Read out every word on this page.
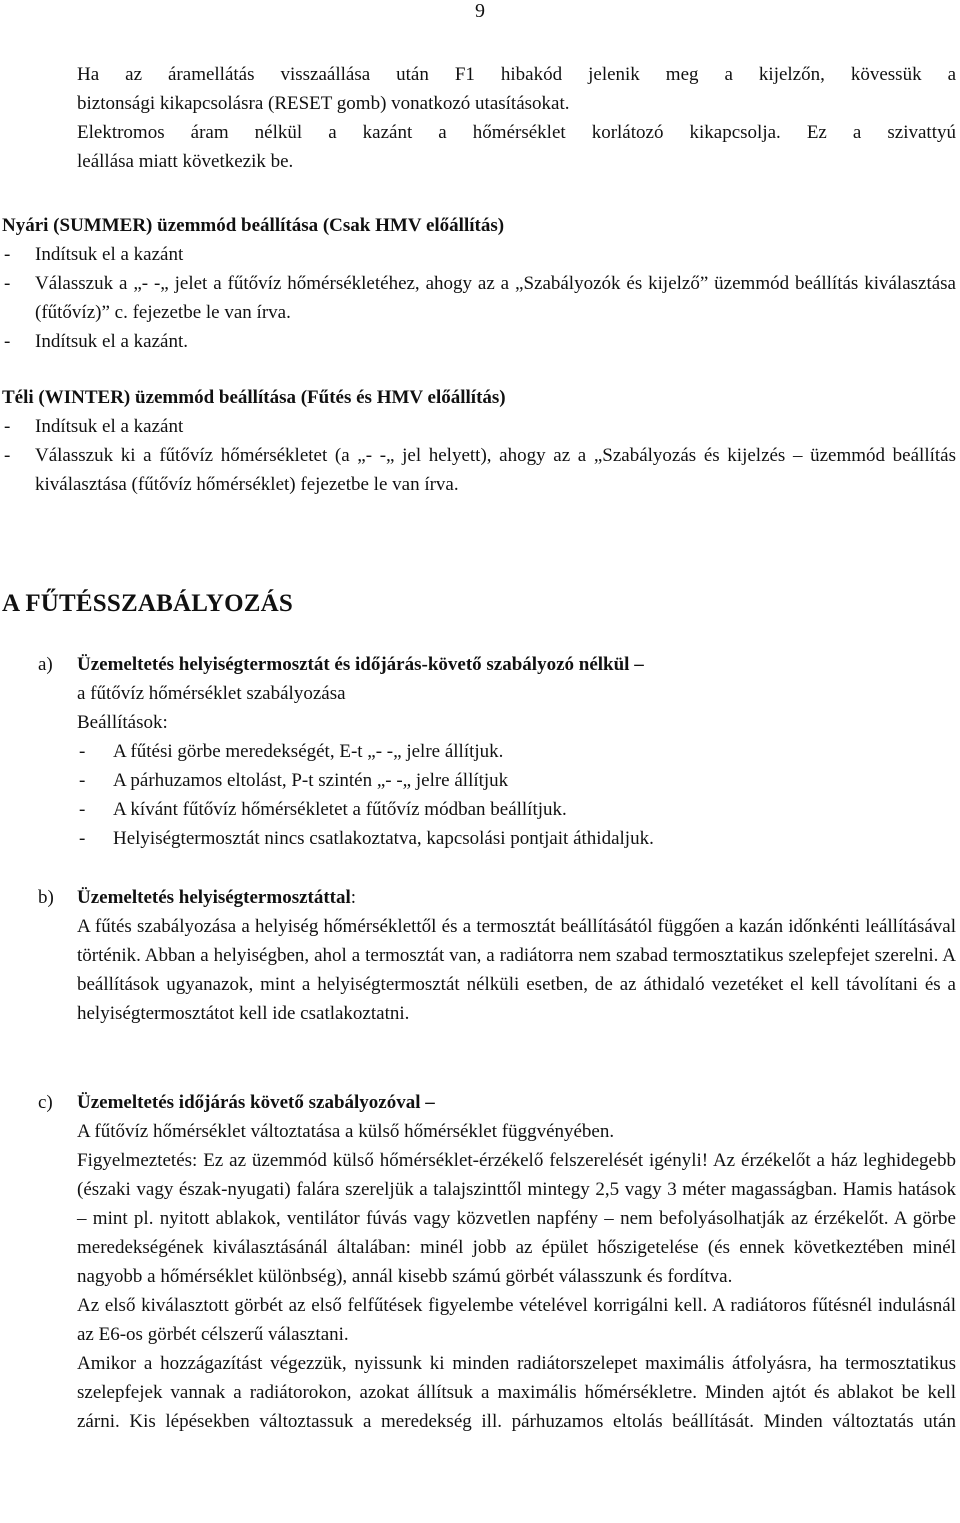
9

Ha az áramellátás visszaállása után F1 hibakód jelenik meg a kijelzőn, kövessük a

biztonsági kikapcsolásra (RESET gomb) vonatkozó utasításokat.

Elektromos áram nélkül a kazánt a hőmérséklet korlátozó kikapcsolja. Ez a szivattyú

leállása miatt következik be.

Nyári (SUMMER) üzemmód beállítása (Csak HMV előállítás)

- Indítsuk el a kazánt
- Válasszuk a „- -„ jelet a fűtővíz hőmérsékletéhez, ahogy az a „Szabályozók és kijelző” üzemmód beállítás kiválasztása (fűtővíz)” c. fejezetbe le van írva.
- Indítsuk el a kazánt.

Téli (WINTER) üzemmód beállítása (Fűtés és HMV előállítás)

- Indítsuk el a kazánt
- Válasszuk ki a fűtővíz hőmérsékletet (a „- -„ jel helyett), ahogy az a „Szabályozás és kijelzés – üzemmód beállítás kiválasztása (fűtővíz hőmérséklet) fejezetbe le van írva.
A FŰTÉSSZABÁLYOZÁS
a) Üzemeltetés helyiségtermosztát és időjárás-követő szabályozó nélkül –

a fűtővíz hőmérséklet szabályozása

Beállítások:

- A fűtési görbe meredekségét, E-t „- -„ jelre állítjuk.
- A párhuzamos eltolást, P-t szintén „- -„ jelre állítjuk
- A kívánt fűtővíz hőmérsékletet a fűtővíz módban beállítjuk.
- Helyiségtermosztát nincs csatlakoztatva, kapcsolási pontjait áthidaljuk.
b) Üzemeltetés helyiségtermosztáttal:

A fűtés szabályozása a helyiség hőmérséklettől és a termosztát beállításától függően a kazán időnkénti leállításával történik. Abban a helyiségben, ahol a termosztát van, a radiátorra nem szabad termosztatikus szelepfejet szerelni. A beállítások ugyanazok, mint a helyiségtermosztát nélküli esetben, de az áthidaló vezetéket el kell távolítani és a helyiségtermosztátot kell ide csatlakoztatni.

c) Üzemeltetés időjárás követő szabályozóval –

A fűtővíz hőmérséklet változtatása a külső hőmérséklet függvényében.

Figyelmeztetés: Ez az üzemmód külső hőmérséklet-érzékelő felszerelését igényli! Az érzékelőt a ház leghidegebb (északi vagy észak-nyugati) falára szereljük a talajszinttől mintegy 2,5 vagy 3 méter magasságban. Hamis hatások – mint pl. nyitott ablakok, ventilátor fúvás vagy közvetlen napfény – nem befolyásolhatják az érzékelőt. A görbe meredekségének kiválasztásánál általában: minél jobb az épület hőszigetelése (és ennek következtében minél nagyobb a hőmérséklet különbség), annál kisebb számú görbét válasszunk és fordítva.

Az első kiválasztott görbét az első felfűtések figyelembe vételével korrigálni kell. A radiátoros fűtésnél indulásnál az E6-os görbét célszerű választani.

Amikor a hozzágazítást végezzük, nyissunk ki minden radiátorszelepet maximális átfolyásra, ha termosztatikus szelepfejek vannak a radiátorokon, azokat állítsuk a maximális hőmérsékletre. Minden ajtót és ablakot be kell zárni. Kis lépésekben változtassuk a meredekség ill. párhuzamos eltolás beállítását. Minden változtatás után
